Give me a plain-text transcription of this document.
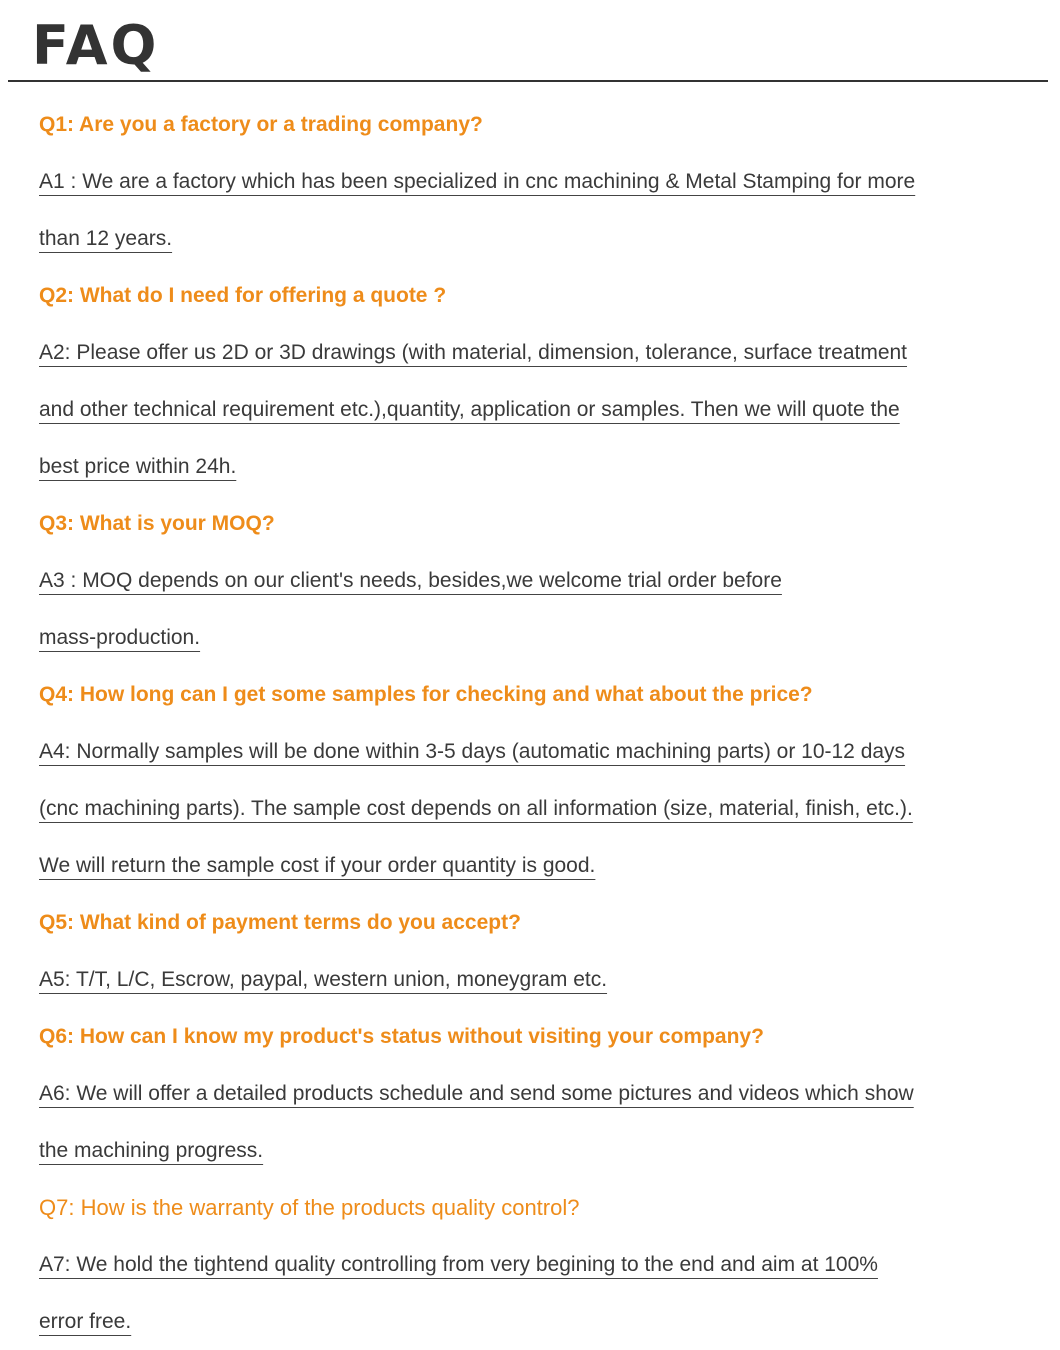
FAQ
Q1: Are you a factory or a trading company?
A1 : We are a factory which has been specialized in cnc machining & Metal Stamping for more
than 12 years.
Q2: What do I need for offering a quote ?
A2: Please offer us 2D or 3D drawings (with material, dimension, tolerance, surface treatment
and other technical requirement etc.),quantity, application or samples. Then we will quote the
best price within 24h.
Q3: What is your MOQ?
A3 : MOQ depends on our client's needs, besides,we welcome trial order before
mass-production.
Q4: How long can I get some samples for checking and what about the price?
A4: Normally samples will be done within 3-5 days (automatic machining parts) or 10-12 days
(cnc machining parts). The sample cost depends on all information (size, material, finish, etc.).
We will return the sample cost if your order quantity is good.
Q5: What kind of payment terms do you accept?
A5: T/T, L/C, Escrow, paypal, western union, moneygram etc.
Q6: How can I know my product's status without visiting your company?
A6: We will offer a detailed products schedule and send some pictures and videos which show
the machining progress.
Q7: How is the warranty of the products quality control?
A7: We hold the tightend quality controlling from very begining to the end and aim at 100%
error free.
